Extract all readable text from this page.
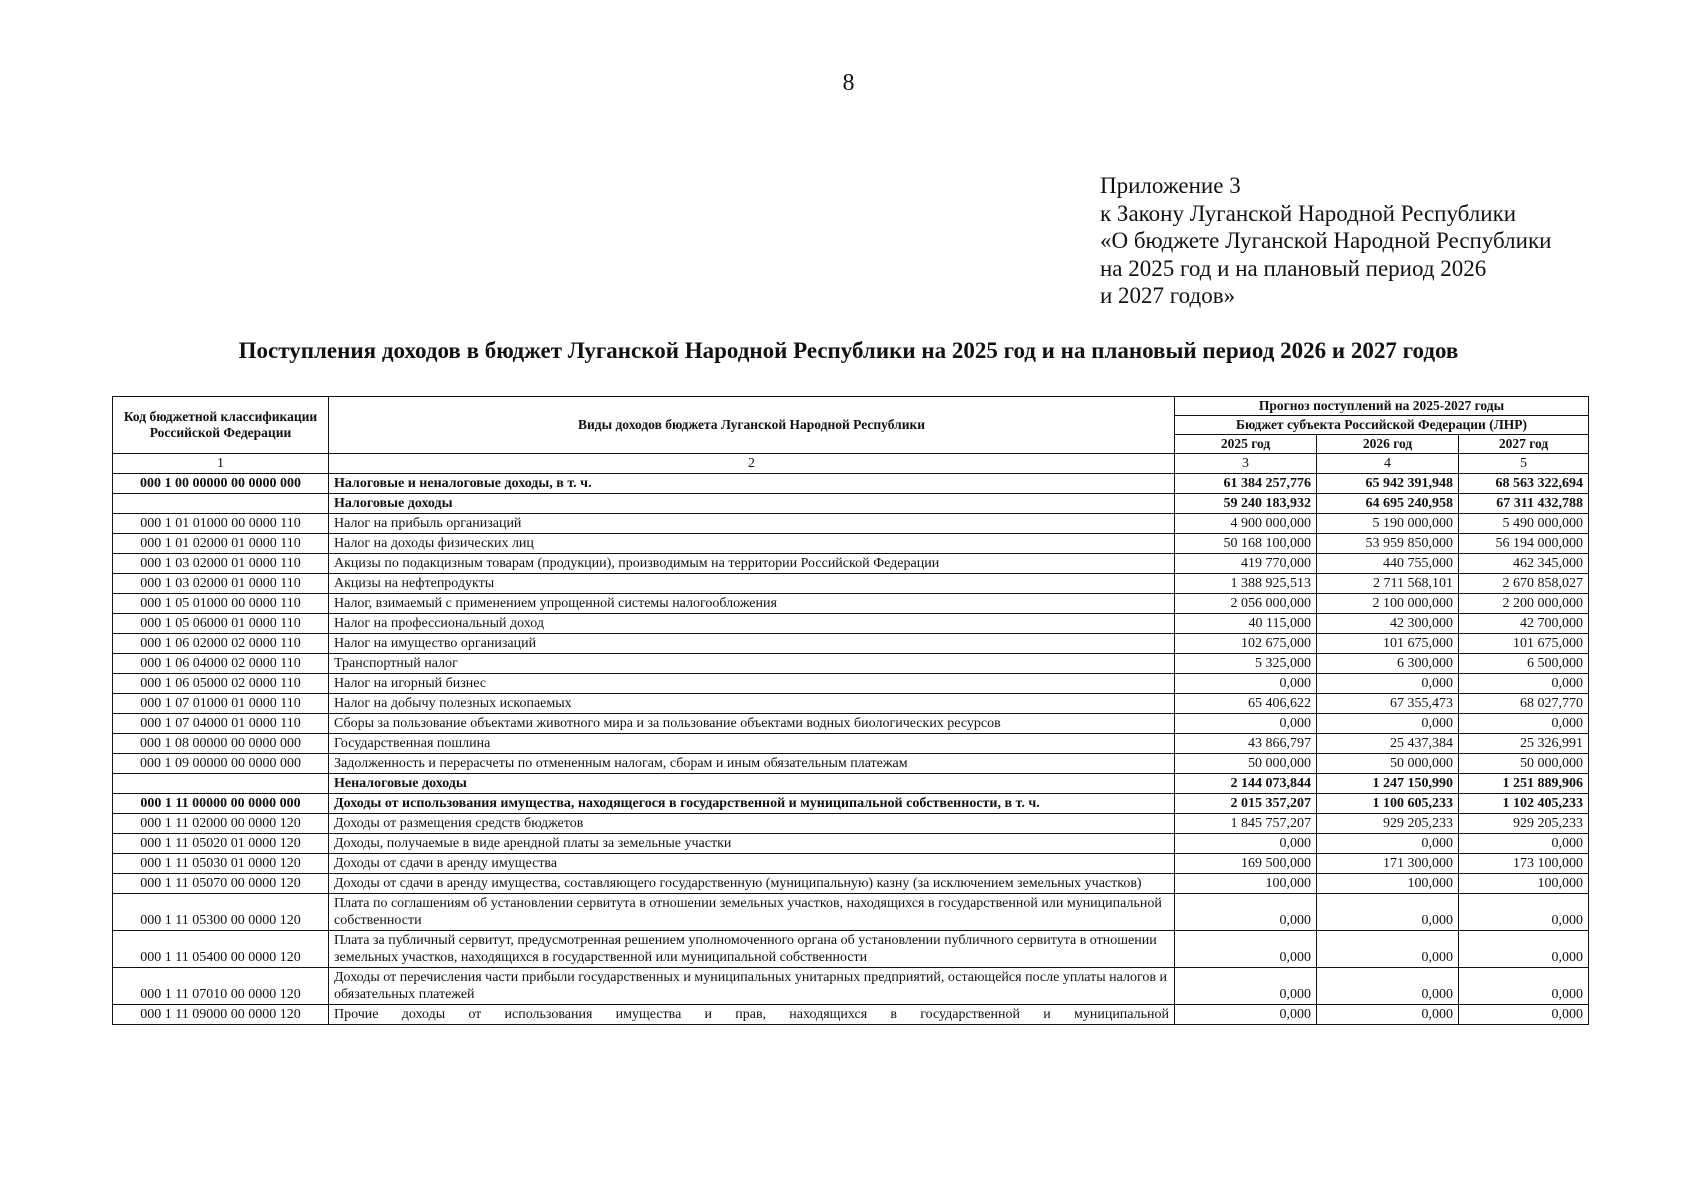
8
Приложение 3
к Закону Луганской Народной Республики
«О бюджете Луганской Народной Республики
на 2025 год и на плановый период 2026
и 2027 годов»
Поступления доходов в бюджет Луганской Народной Республики на 2025 год и на плановый период 2026 и 2027 годов
Код бюджетной классификации Российской Федерации	Виды доходов бюджета Луганской Народной Республики	Прогноз поступлений на 2025-2027 годы		
		Бюджет субъекта Российской Федерации (ЛНР)		
		2025 год	2026 год	2027 год
1	2	3	4	5
000 1 00 00000 00 0000 000	Налоговые и неналоговые доходы, в т. ч.	61 384 257,776	65 942 391,948	68 563 322,694
	Налоговые доходы	59 240 183,932	64 695 240,958	67 311 432,788
000 1 01 01000 00 0000 110	Налог на прибыль организаций	4 900 000,000	5 190 000,000	5 490 000,000
000 1 01 02000 01 0000 110	Налог на доходы физических лиц	50 168 100,000	53 959 850,000	56 194 000,000
000 1 03 02000 01 0000 110	Акцизы по подакцизным товарам (продукции), производимым на территории Российской Федерации	419 770,000	440 755,000	462 345,000
000 1 03 02000 01 0000 110	Акцизы на нефтепродукты	1 388 925,513	2 711 568,101	2 670 858,027
000 1 05 01000 00 0000 110	Налог, взимаемый с применением упрощенной системы налогообложения	2 056 000,000	2 100 000,000	2 200 000,000
000 1 05 06000 01 0000 110	Налог на профессиональный доход	40 115,000	42 300,000	42 700,000
000 1 06 02000 02 0000 110	Налог на имущество организаций	102 675,000	101 675,000	101 675,000
000 1 06 04000 02 0000 110	Транспортный налог	5 325,000	6 300,000	6 500,000
000 1 06 05000 02 0000 110	Налог на игорный бизнес	0,000	0,000	0,000
000 1 07 01000 01 0000 110	Налог на добычу полезных ископаемых	65 406,622	67 355,473	68 027,770
000 1 07 04000 01 0000 110	Сборы за пользование объектами животного мира и за пользование объектами водных биологических ресурсов	0,000	0,000	0,000
000 1 08 00000 00 0000 000	Государственная пошлина	43 866,797	25 437,384	25 326,991
000 1 09 00000 00 0000 000	Задолженность и перерасчеты по отмененным налогам, сборам и иным обязательным платежам	50 000,000	50 000,000	50 000,000
	Неналоговые доходы	2 144 073,844	1 247 150,990	1 251 889,906
000 1 11 00000 00 0000 000	Доходы от использования имущества, находящегося в государственной и муниципальной собственности, в т. ч.	2 015 357,207	1 100 605,233	1 102 405,233
000 1 11 02000 00 0000 120	Доходы от размещения средств бюджетов	1 845 757,207	929 205,233	929 205,233
000 1 11 05020 01 0000 120	Доходы, получаемые в виде арендной платы за земельные участки	0,000	0,000	0,000
000 1 11 05030 01 0000 120	Доходы от сдачи в аренду имущества	169 500,000	171 300,000	173 100,000
000 1 11 05070 00 0000 120	Доходы от сдачи в аренду имущества, составляющего государственную (муниципальную) казну (за исключением земельных участков)	100,000	100,000	100,000
000 1 11 05300 00 0000 120	Плата по соглашениям об установлении сервитута в отношении земельных участков, находящихся в государственной или муниципальной собственности	0,000	0,000	0,000
000 1 11 05400 00 0000 120	Плата за публичный сервитут, предусмотренная решением уполномоченного органа об установлении публичного сервитута в отношении земельных участков, находящихся в государственной или муниципальной собственности	0,000	0,000	0,000
000 1 11 07010 00 0000 120	Доходы от перечисления части прибыли государственных и муниципальных унитарных предприятий, остающейся после уплаты налогов и обязательных платежей	0,000	0,000	0,000
000 1 11 09000 00 0000 120	Прочие доходы от использования имущества и прав, находящихся в государственной и муниципальной	0,000	0,000	0,000
